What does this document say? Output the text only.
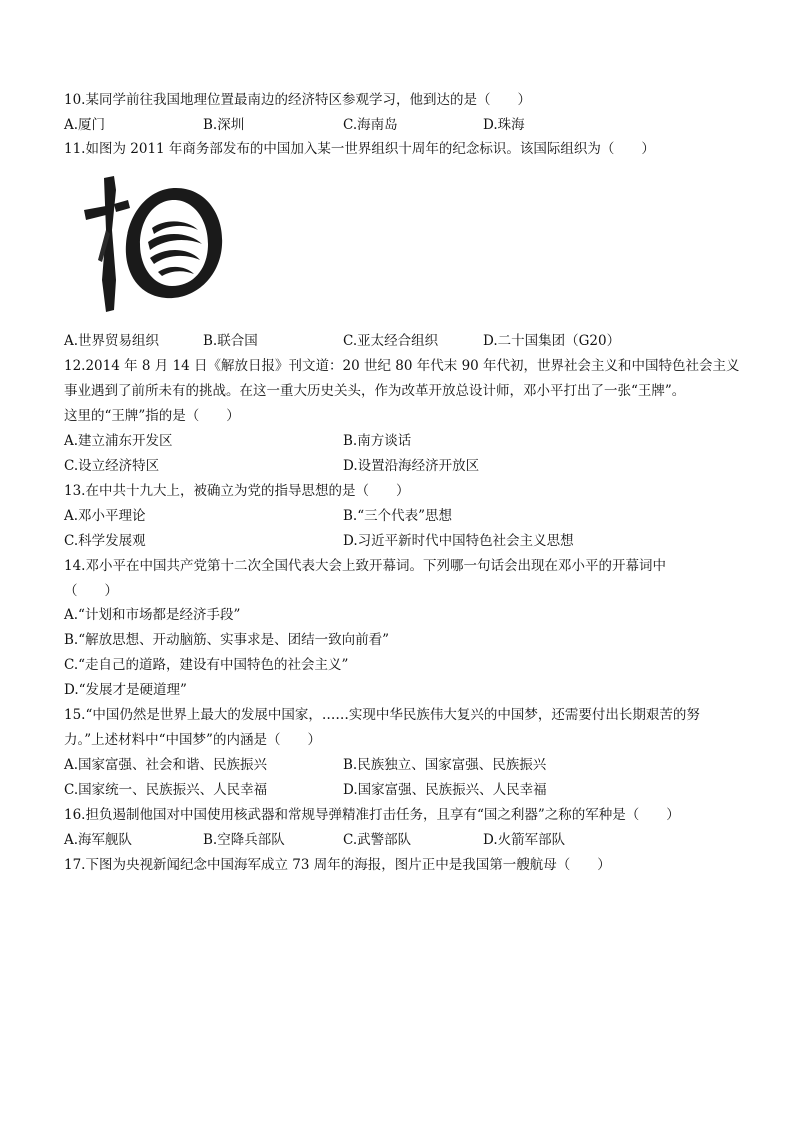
10.某同学前往我国地理位置最南边的经济特区参观学习，他到达的是（　　）
A.厦门	B.深圳	C.海南岛	D.珠海
11.如图为 2011 年商务部发布的中国加入某一世界组织十周年的纪念标识。该国际组织为（　　）
A.世界贸易组织	B.联合国	C.亚太经合组织	D.二十国集团（G20）
12.2014 年 8 月 14 日《解放日报》刊文道：20 世纪 80 年代末 90 年代初，世界社会主义和中国特色社会主义
事业遇到了前所未有的挑战。在这一重大历史关头，作为改革开放总设计师，邓小平打出了一张“王牌”。
这里的“王牌”指的是（　　）
A.建立浦东开发区	B.南方谈话
C.设立经济特区	D.设置沿海经济开放区
13.在中共十九大上，被确立为党的指导思想的是（　　）
A.邓小平理论	B.“三个代表”思想
C.科学发展观	D.习近平新时代中国特色社会主义思想
14.邓小平在中国共产党第十二次全国代表大会上致开幕词。下列哪一句话会出现在邓小平的开幕词中
（　　）
A.“计划和市场都是经济手段”
B.“解放思想、开动脑筋、实事求是、团结一致向前看”
C.“走自己的道路，建设有中国特色的社会主义”
D.“发展才是硬道理”
15.“中国仍然是世界上最大的发展中国家，……实现中华民族伟大复兴的中国梦，还需要付出长期艰苦的努
力。”上述材料中“中国梦”的内涵是（　　）
A.国家富强、社会和谐、民族振兴	B.民族独立、国家富强、民族振兴
C.国家统一、民族振兴、人民幸福	D.国家富强、民族振兴、人民幸福
16.担负遏制他国对中国使用核武器和常规导弹精准打击任务，且享有“国之利器”之称的军种是（　　）
A.海军舰队	B.空降兵部队	C.武警部队	D.火箭军部队
17.下图为央视新闻纪念中国海军成立 73 周年的海报，图片正中是我国第一艘航母（　　）
